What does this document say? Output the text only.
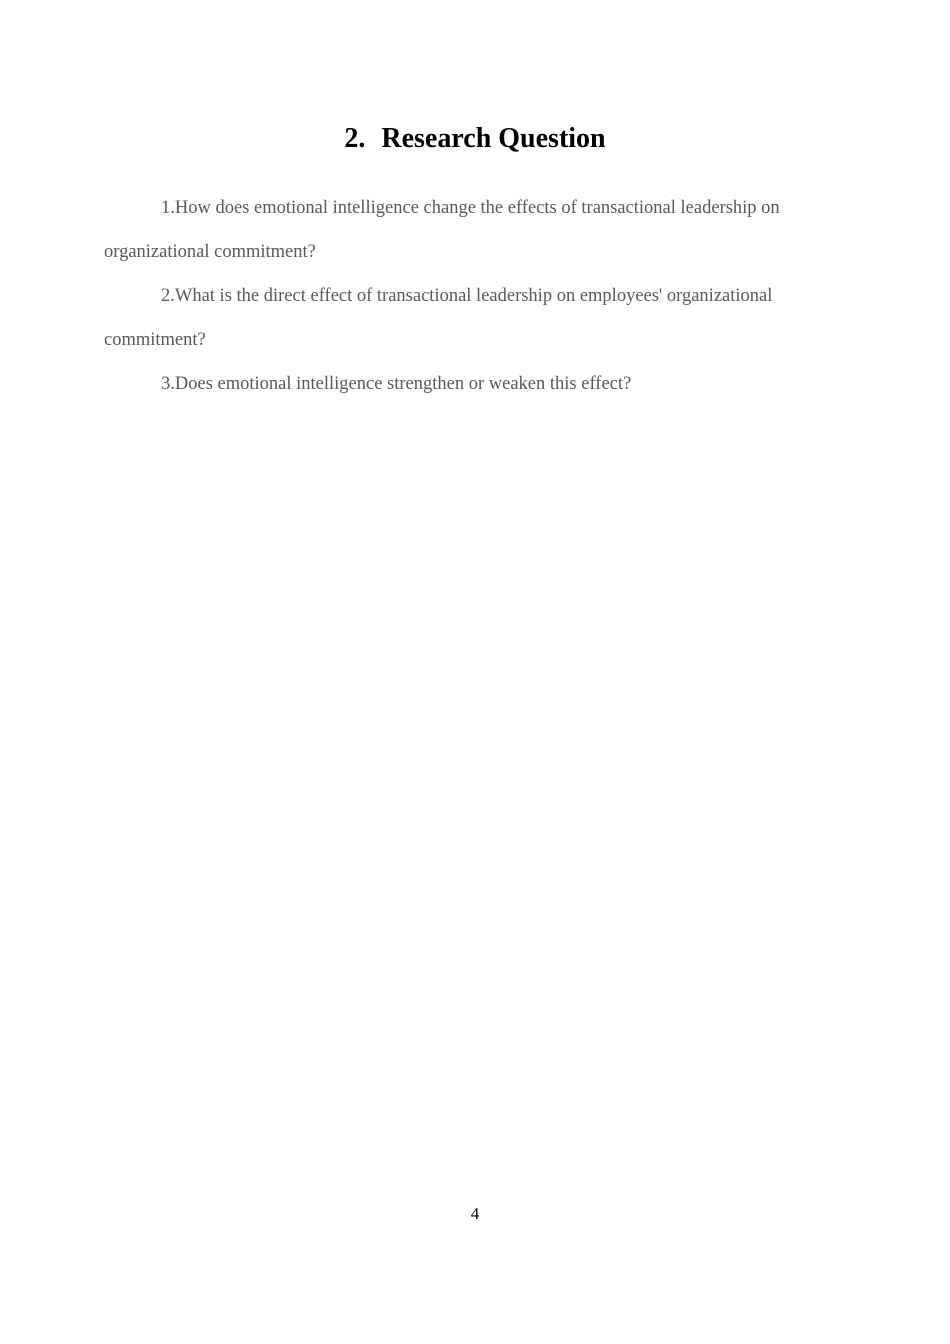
2. Research Question

1.How does emotional intelligence change the effects of transactional leadership on organizational commitment?

2.What is the direct effect of transactional leadership on employees' organizational commitment?

3.Does emotional intelligence strengthen or weaken this effect?

4
